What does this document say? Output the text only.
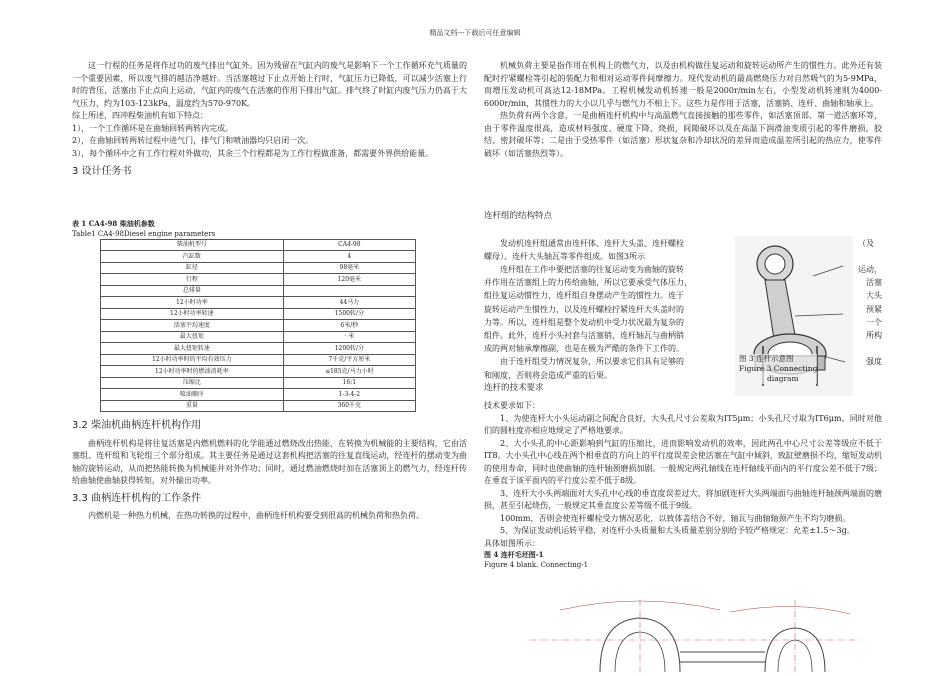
精品文档---下载后可任意编辑

这一行程的任务是将作过功的废气排出气缸外。因为残留在气缸内的废气是影响下一个工作循环充气质量的一个重要因素，所以废气排的越洁净越好。当活塞越过下止点开始上行时，气缸压力已降低，可以减少活塞上行时的背压，活塞由下止点向上运动，气缸内的废气在活塞的作用下排出气缸。排气终了时缸内废气压力仍高于大气压力，约为103-123kPa，温度约为570-970K。

综上所述，四冲程柴油机有如下特点：

1），一个工作循环是在曲轴回转两转内完成。

2），在曲轴回转两转过程中进气门，排气门和喷油器均只启闭一次。

3），每个循环中之有工作行程对外做功，其余三个行程都是为工作行程做准备，都需要外界供给能量。

3 设计任务书

表 1 CA4-98 柴油机参数

Table1 CA4-98Diesel engine parameters

柴油机型号	CA4-98
汽缸数	4
缸径	98毫米
行程	120毫米
总排量	
12小时功率	44马力
12小时功率转速	1500转/分
活塞平均速度	6米/秒
最大扭矩	· 米
最大扭矩转速	1200转/分
12小时功率时的平均有效压力	7千克/平方厘米
12小时功率时的燃油消耗率	≤185克/马力小时
压缩比	16:1
喷油顺序	1-3-4-2
重量	360千克

3.2 柴油机曲柄连杆机构作用

曲柄连杆机构是将往复活塞是内燃机燃料的化学能通过燃烧改出热能，在转换为机械能的主要结构，它由活塞组、连杆组和飞轮组三个部分组成。其主要任务是通过这套机构把活塞的往复直线运动，经连杆的摆动变为曲轴的旋转运动，从而把热能转换为机械能并对外作功；同时，通过燃油燃烧时加在活塞顶上的燃气力，经连杆传给曲轴使曲轴获得转矩，对外输出功率。

3.3 曲柄连杆机构的工作条件

内燃机是一种热力机械，在热功转换的过程中，曲柄连杆机构要受到很高的机械负荷和热负荷。

机械负荷主要是指作用在机构上的燃气力，以及由机构做往复运动和旋转运动所产生的惯性力。此外还有装配时拧紧螺栓等引起的装配力和相对运动零件间摩擦力。现代发动机的最高燃烧压力对自然吸气的为5-9MPa，而增压发动机可高达12-18MPa。工程机械发动机转速一般是2000r/min左右，小型发动机转速则为4000-6000r/min，其惯性力的大小以几乎与燃气力不相上下。这些力是作用于活塞，活塞销、连杆、曲轴和轴承上。

热负荷有两个含意，一是曲柄连杆机构中与高温燃气直接接触的那些零件，如活塞顶部、第一道活塞环等，由于零件温度很高，造成材料强度、硬度下降，烧损，间隙破坏以及在高温下润滑油变质引起的零件磨损，胶结、密封破坏等；二是由于受热零件（如活塞）形状复杂和冷却状况的差异而造成温差所引起的热应力，使零件破坏（如活塞热烈等）。

连杆组的结构特点

发动机连杆组通常由连杆体、连杆大头盖、连杆螺栓	（及

螺母）、连杆大头轴瓦等零件组成。如图3所示

连杆组在工作中要把活塞的往复运动变为曲轴的旋转	运动，

并作用在活塞组上的力传给曲轴，所以它要承受气体压力，	活塞

组往复运动惯性力，连杆组自身摆动产生的惯性力。连于	大头

旋转运动产生惯性力，以及连杆螺栓拧紧连杆大头盖时的	预紧

力等。所以，连杆组是整个发动机中受力状况最为复杂的	一个

组件。此外，连杆小头衬套与活塞销，连杆轴瓦与曲柄销	所构

成的两对轴承摩擦副，也是在极为严酷的条件下工作的。

由于连杆组受力情况复杂，所以要求它们具有足够的	强度

和刚度，否则将会造成严重的后果。

连杆的技术要求

技术要求如下：

1、为使连杆大小头运动副之间配合良好，大头孔尺寸公差取为IT5μm；小头孔尺寸取为IT6μm。同时对他们的圆柱度亦相应地规定了严格地要求。

2、大小头孔的中心距影响到气缸的压缩比，进而影响发动机的效率，因此两孔中心尺寸公差等级应不低于 IT8。大小头孔中心线在两个相垂直的方向上的平行度误差会使活塞在气缸中倾斜，致缸壁磨损不均，缩短发动机的使用寿命，同时也使曲轴的连杆轴颈磨损加剧。一般规定两孔轴线在连杆轴线平面内的平行度公差不低于7级；在垂直于该平面内的平行度公差不低于8级。

3、连杆大小头两端面对大头孔中心线的垂直度误差过大，将加剧连杆大头两端面与曲轴连杆轴颈两端面的磨损，甚至引起烧伤，一般规定其垂直度公差等级不低于9级。

100mm，否则会使连杆螺栓受力情况恶化，以致体盖结合不好，轴瓦与曲轴轴颈产生不均匀磨损。

5、为保证发动机运转平稳，对连杆小头质量和大头质量差别分别给予较严格规定：允差±1.5～3g。

具体如图所示：

图 4 连杆毛坯图-1

Figure 4 blank. Connecting-1

图 3 连杆示意图
Figure 3 Connecting
diagram
